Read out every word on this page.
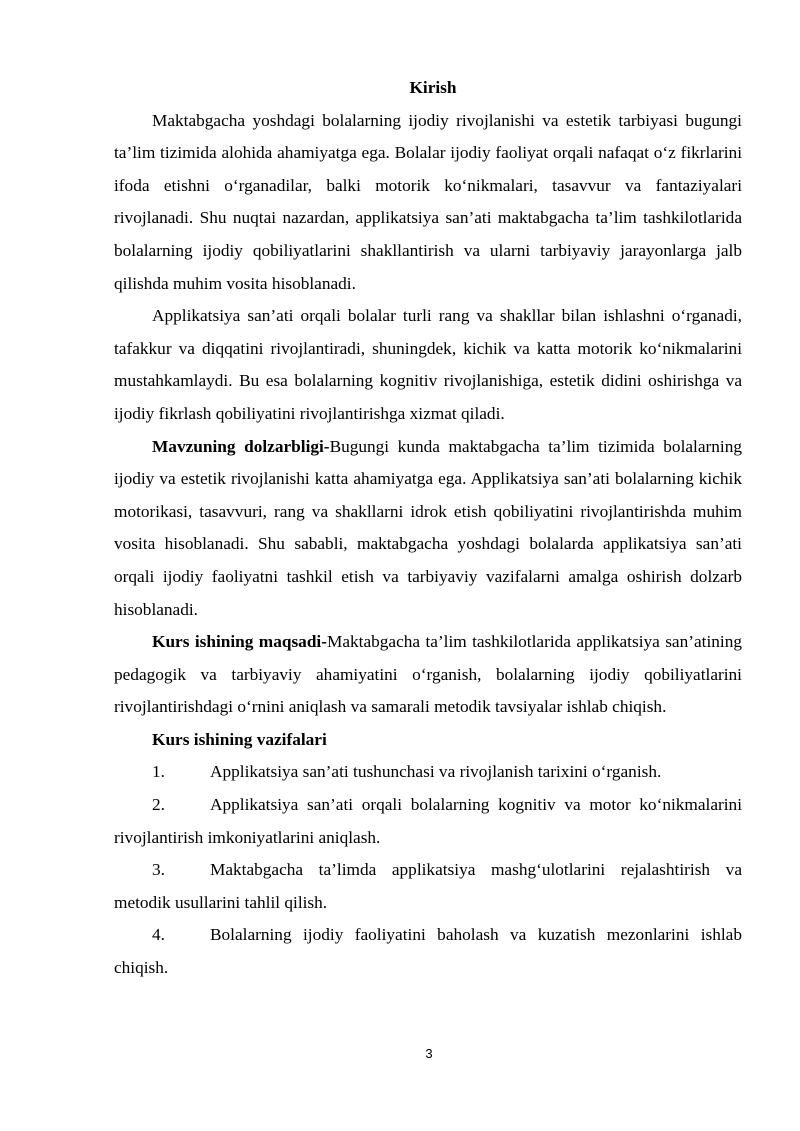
Kirish

Maktabgacha yoshdagi bolalarning ijodiy rivojlanishi va estetik tarbiyasi bugungi ta’lim tizimida alohida ahamiyatga ega. Bolalar ijodiy faoliyat orqali nafaqat o‘z fikrlarini ifoda etishni o‘rganadilar, balki motorik ko‘nikmalari, tasavvur va fantaziyalari rivojlanadi. Shu nuqtai nazardan, applikatsiya san’ati maktabgacha ta’lim tashkilotlarida bolalarning ijodiy qobiliyatlarini shakllantirish va ularni tarbiyaviy jarayonlarga jalb qilishda muhim vosita hisoblanadi.

Applikatsiya san’ati orqali bolalar turli rang va shakllar bilan ishlashni o‘rganadi, tafakkur va diqqatini rivojlantiradi, shuningdek, kichik va katta motorik ko‘nikmalarini mustahkamlaydi. Bu esa bolalarning kognitiv rivojlanishiga, estetik didini oshirishga va ijodiy fikrlash qobiliyatini rivojlantirishga xizmat qiladi.

Mavzuning dolzarbligi-Bugungi kunda maktabgacha ta’lim tizimida bolalarning ijodiy va estetik rivojlanishi katta ahamiyatga ega. Applikatsiya san’ati bolalarning kichik motorikasi, tasavvuri, rang va shakllarni idrok etish qobiliyatini rivojlantirishda muhim vosita hisoblanadi. Shu sababli, maktabgacha yoshdagi bolalarda applikatsiya san’ati orqali ijodiy faoliyatni tashkil etish va tarbiyaviy vazifalarni amalga oshirish dolzarb hisoblanadi.

Kurs ishining maqsadi-Maktabgacha ta’lim tashkilotlarida applikatsiya san’atining pedagogik va tarbiyaviy ahamiyatini o‘rganish, bolalarning ijodiy qobiliyatlarini rivojlantirishdagi o‘rnini aniqlash va samarali metodik tavsiyalar ishlab chiqish.

Kurs ishining vazifalari

1.	Applikatsiya san’ati tushunchasi va rivojlanish tarixini o‘rganish.

2.	Applikatsiya san’ati orqali bolalarning kognitiv va motor ko‘nikmalarini rivojlantirish imkoniyatlarini aniqlash.

3.	Maktabgacha ta’limda applikatsiya mashg‘ulotlarini rejalashtirish va metodik usullarini tahlil qilish.

4.	Bolalarning ijodiy faoliyatini baholash va kuzatish mezonlarini ishlab chiqish.

3
